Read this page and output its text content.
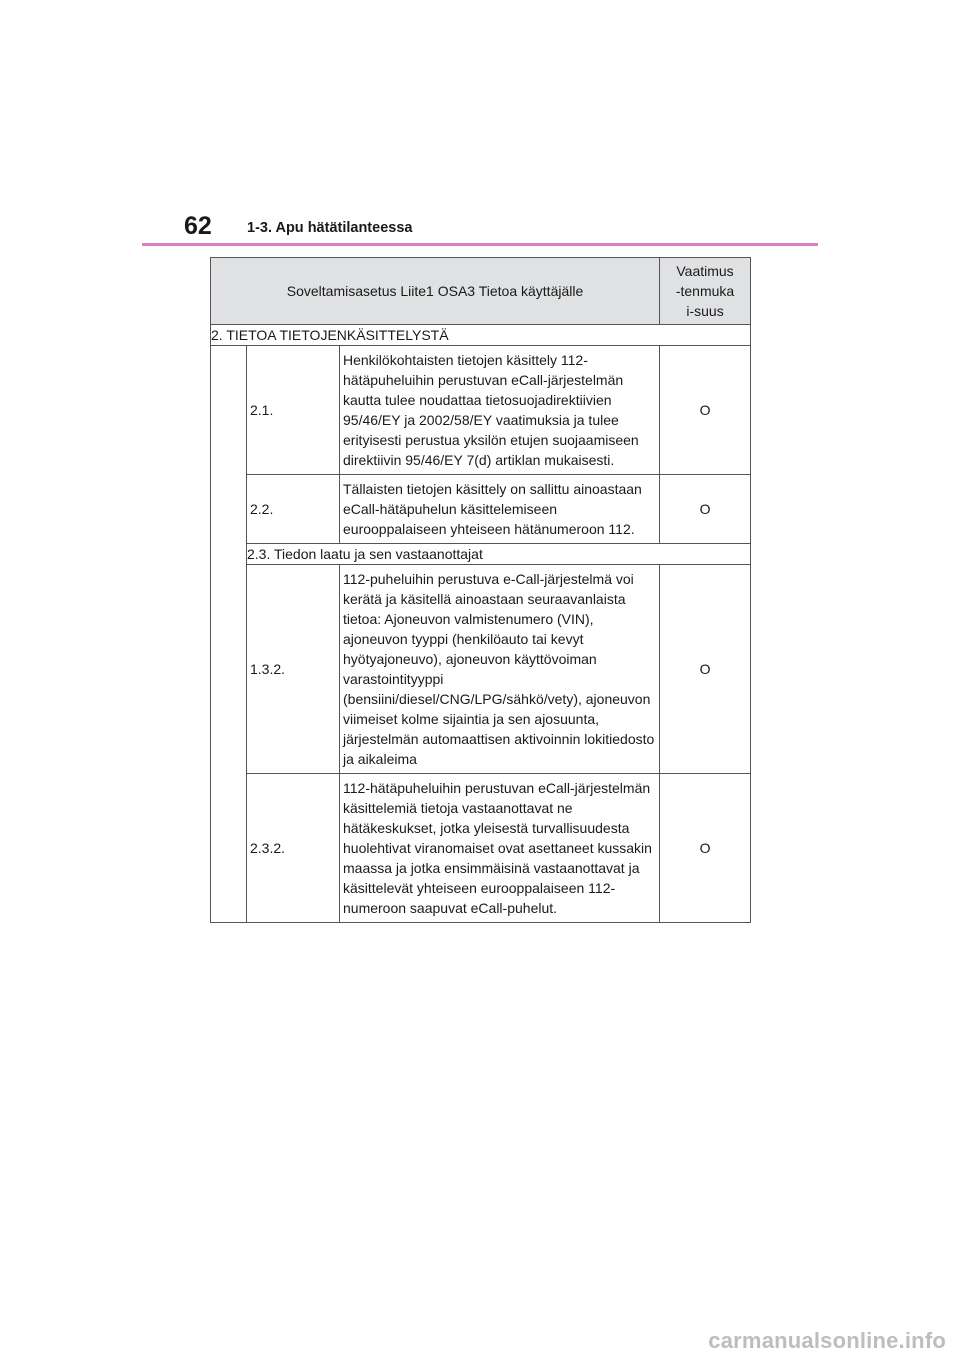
62 1-3. Apu hätätilanteessa
Soveltamisasetus Liite1 OSA3 Tietoa käyttäjälle			Vaatimus-tenmukai-suus
2. TIETOA TIETOJENKÄSITTELYSTÄ			
	2.1.	Henkilökohtaisten tietojen käsittely 112-hätäpuheluihin perustuvan eCall-järjestelmän kautta tulee noudattaa tietosuojadirektiivien 95/46/EY ja 2002/58/EY vaatimuksia ja tulee erityisesti perustua yksilön etujen suojaamiseen direktiivin 95/46/EY 7(d) artiklan mukaisesti.	O
	2.2.	Tällaisten tietojen käsittely on sallittu ainoastaan eCall-hätäpuhelun käsittelemiseen eurooppalaiseen yhteiseen hätänumeroon 112.	O
	2.3. Tiedon laatu ja sen vastaanottajat		
	1.3.2.	112-puheluihin perustuva e-Call-järjestelmä voi kerätä ja käsitellä ainoastaan seuraavanlaista tietoa: Ajoneuvon valmistenumero (VIN), ajoneuvon tyyppi (henkilöauto tai kevyt hyötyajoneuvo), ajoneuvon käyttövoiman varastointityyppi (bensiini/diesel/CNG/LPG/sähkö/vety), ajoneuvon viimeiset kolme sijaintia ja sen ajosuunta, järjestelmän automaattisen aktivoinnin lokitiedosto ja aikaleima	O
	2.3.2.	112-hätäpuheluihin perustuvan eCall-järjestelmän käsittelemiä tietoja vastaanottavat ne hätäkeskukset, jotka yleisestä turvallisuudesta huolehtivat viranomaiset ovat asettaneet kussakin maassa ja jotka ensimmäisinä vastaanottavat ja käsittelevät yhteiseen eurooppalaiseen 112-numeroon saapuvat eCall-puhelut.	O
carmanualsonline.info
